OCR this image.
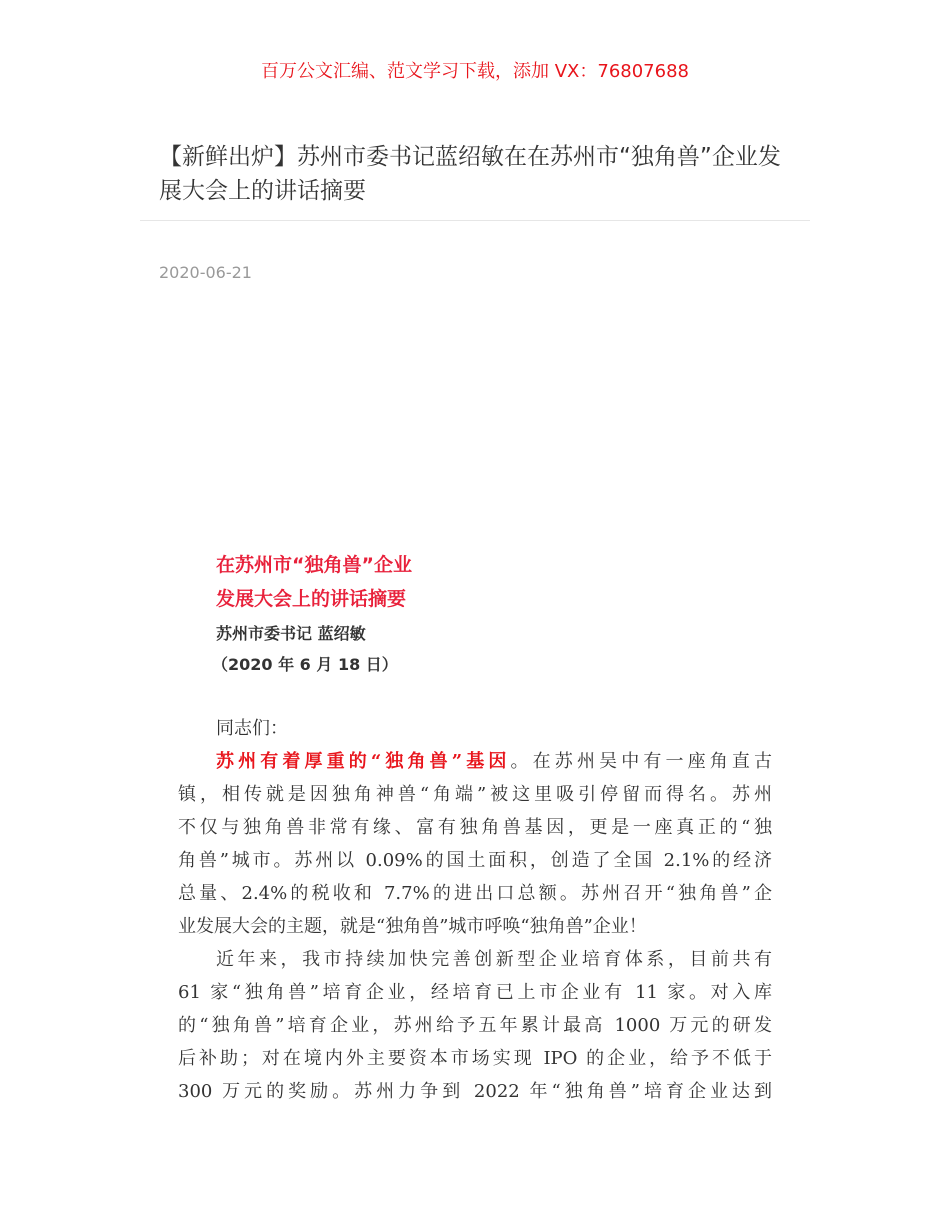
百万公文汇编、范文学习下载，添加 VX：76807688
【新鲜出炉】苏州市委书记蓝绍敏在在苏州市“独角兽”企业发展大会上的讲话摘要
2020-06-21
在苏州市“独角兽”企业
发展大会上的讲话摘要
苏州市委书记 蓝绍敏
（2020 年 6 月 18 日）
同志们：
苏州有着厚重的“独角兽”基因。在苏州吴中有一座角直古
镇，相传就是因独角神兽“角端”被这里吸引停留而得名。苏州
不仅与独角兽非常有缘、富有独角兽基因，更是一座真正的“独
角兽”城市。苏州以 0.09%的国土面积，创造了全国 2.1%的经济
总量、2.4%的税收和 7.7%的进出口总额。苏州召开“独角兽”企
业发展大会的主题，就是“独角兽”城市呼唤“独角兽”企业！
近年来，我市持续加快完善创新型企业培育体系，目前共有
61 家“独角兽”培育企业，经培育已上市企业有 11 家。对入库
的“独角兽”培育企业，苏州给予五年累计最高 1000 万元的研发
后补助；对在境内外主要资本市场实现 IPO 的企业，给予不低于
300 万元的奖励。苏州力争到 2022 年“独角兽”培育企业达到
